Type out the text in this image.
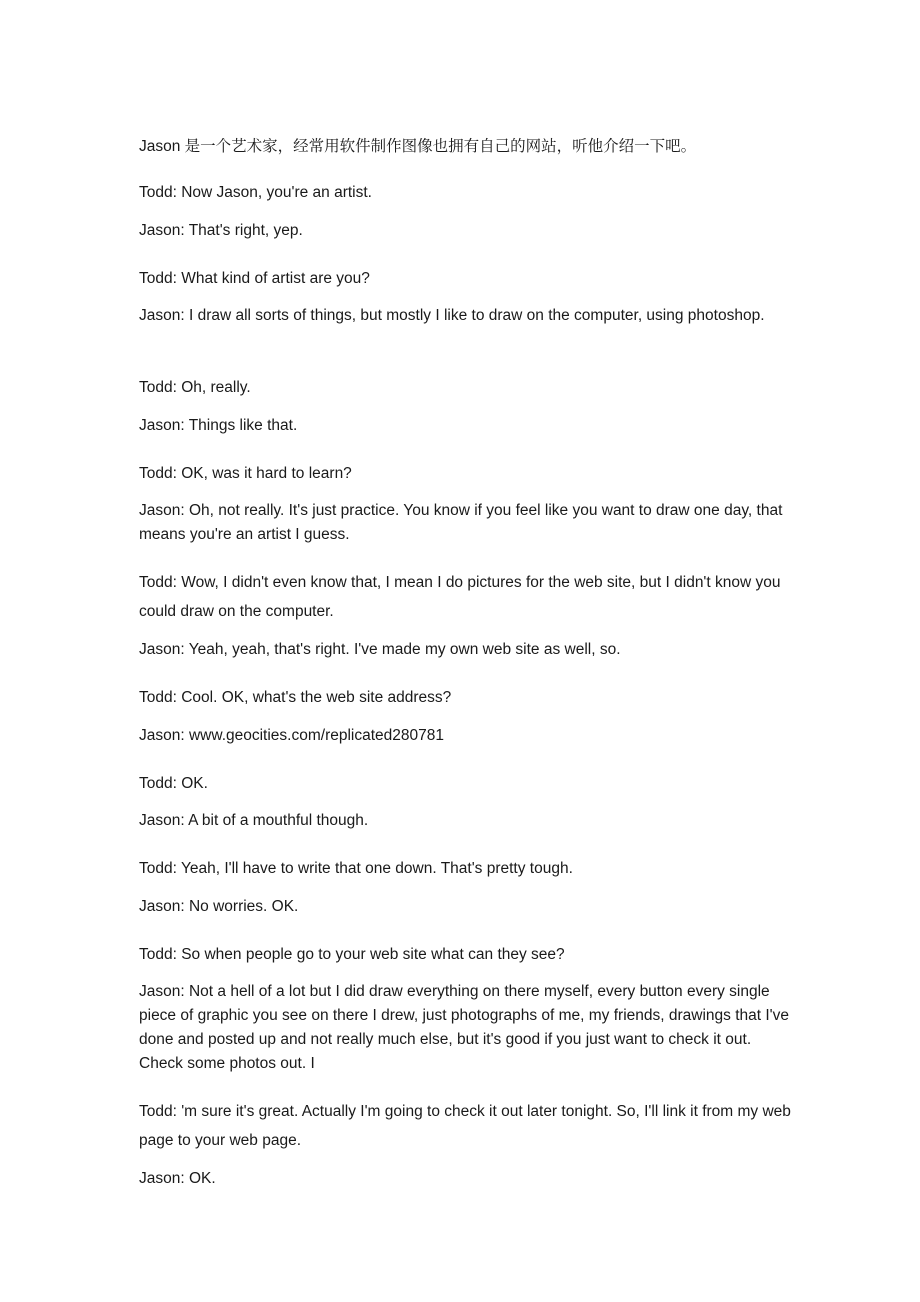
Jason 是一个艺术家，经常用软件制作图像也拥有自己的网站，听他介绍一下吧。

Todd: Now Jason, you're an artist.

Jason: That's right, yep.

Todd: What kind of artist are you?

Jason: I draw all sorts of things, but mostly I like to draw on the computer, using photoshop.

Todd: Oh, really.

Jason: Things like that.

Todd: OK, was it hard to learn?

Jason: Oh, not really. It's just practice. You know if you feel like you want to draw one day, that means you're an artist I guess.

Todd: Wow, I didn't even know that, I mean I do pictures for the web site, but I didn't know you could draw on the computer.

Jason: Yeah, yeah, that's right. I've made my own web site as well, so.

Todd: Cool. OK, what's the web site address?

Jason: www.geocities.com/replicated280781

Todd: OK.

Jason: A bit of a mouthful though.

Todd: Yeah, I'll have to write that one down. That's pretty tough.

Jason: No worries. OK.

Todd: So when people go to your web site what can they see?

Jason: Not a hell of a lot but I did draw everything on there myself, every button every single piece of graphic you see on there I drew, just photographs of me, my friends, drawings that I've done and posted up and not really much else, but it's good if you just want to check it out. Check some photos out. I

Todd: 'm sure it's great. Actually I'm going to check it out later tonight. So, I'll link it from my web page to your web page.

Jason: OK.
